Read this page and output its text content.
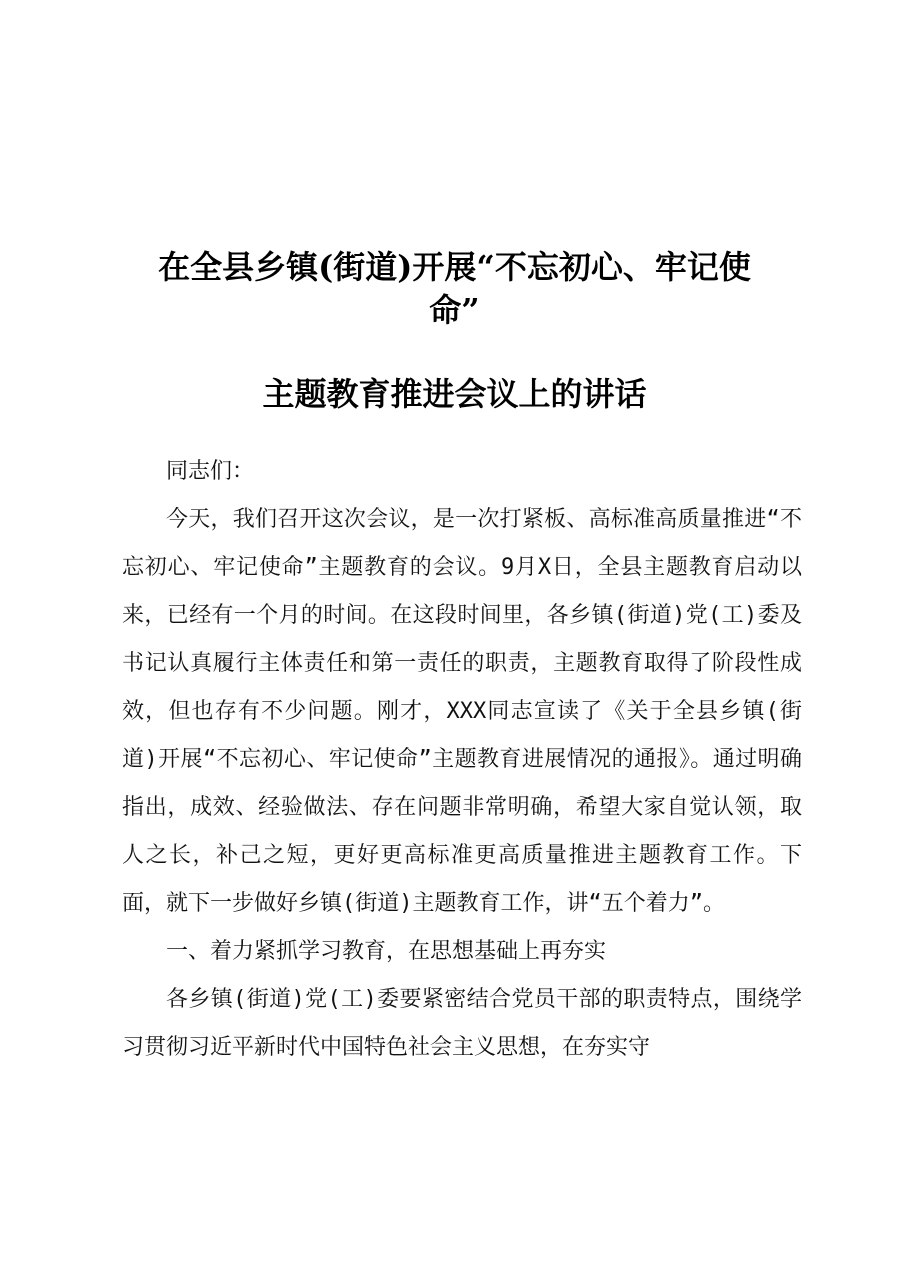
在全县乡镇(街道)开展“不忘初心、牢记使
命”
主题教育推进会议上的讲话

同志们：

今天，我们召开这次会议，是一次打紧板、高标准高质量推进“不忘初心、牢记使命”主题教育的会议。9月X日，全县主题教育启动以来，已经有一个月的时间。在这段时间里，各乡镇(街道)党(工)委及书记认真履行主体责任和第一责任的职责，主题教育取得了阶段性成效，但也存有不少问题。刚才，XXX同志宣读了《关于全县乡镇(街道)开展“不忘初心、牢记使命”主题教育进展情况的通报》。通过明确指出，成效、经验做法、存在问题非常明确，希望大家自觉认领，取人之长，补己之短，更好更高标准更高质量推进主题教育工作。下面，就下一步做好乡镇(街道)主题教育工作，讲“五个着力”。

一、着力紧抓学习教育，在思想基础上再夯实

各乡镇(街道)党(工)委要紧密结合党员干部的职责特点，围绕学习贯彻习近平新时代中国特色社会主义思想，在夯实守
